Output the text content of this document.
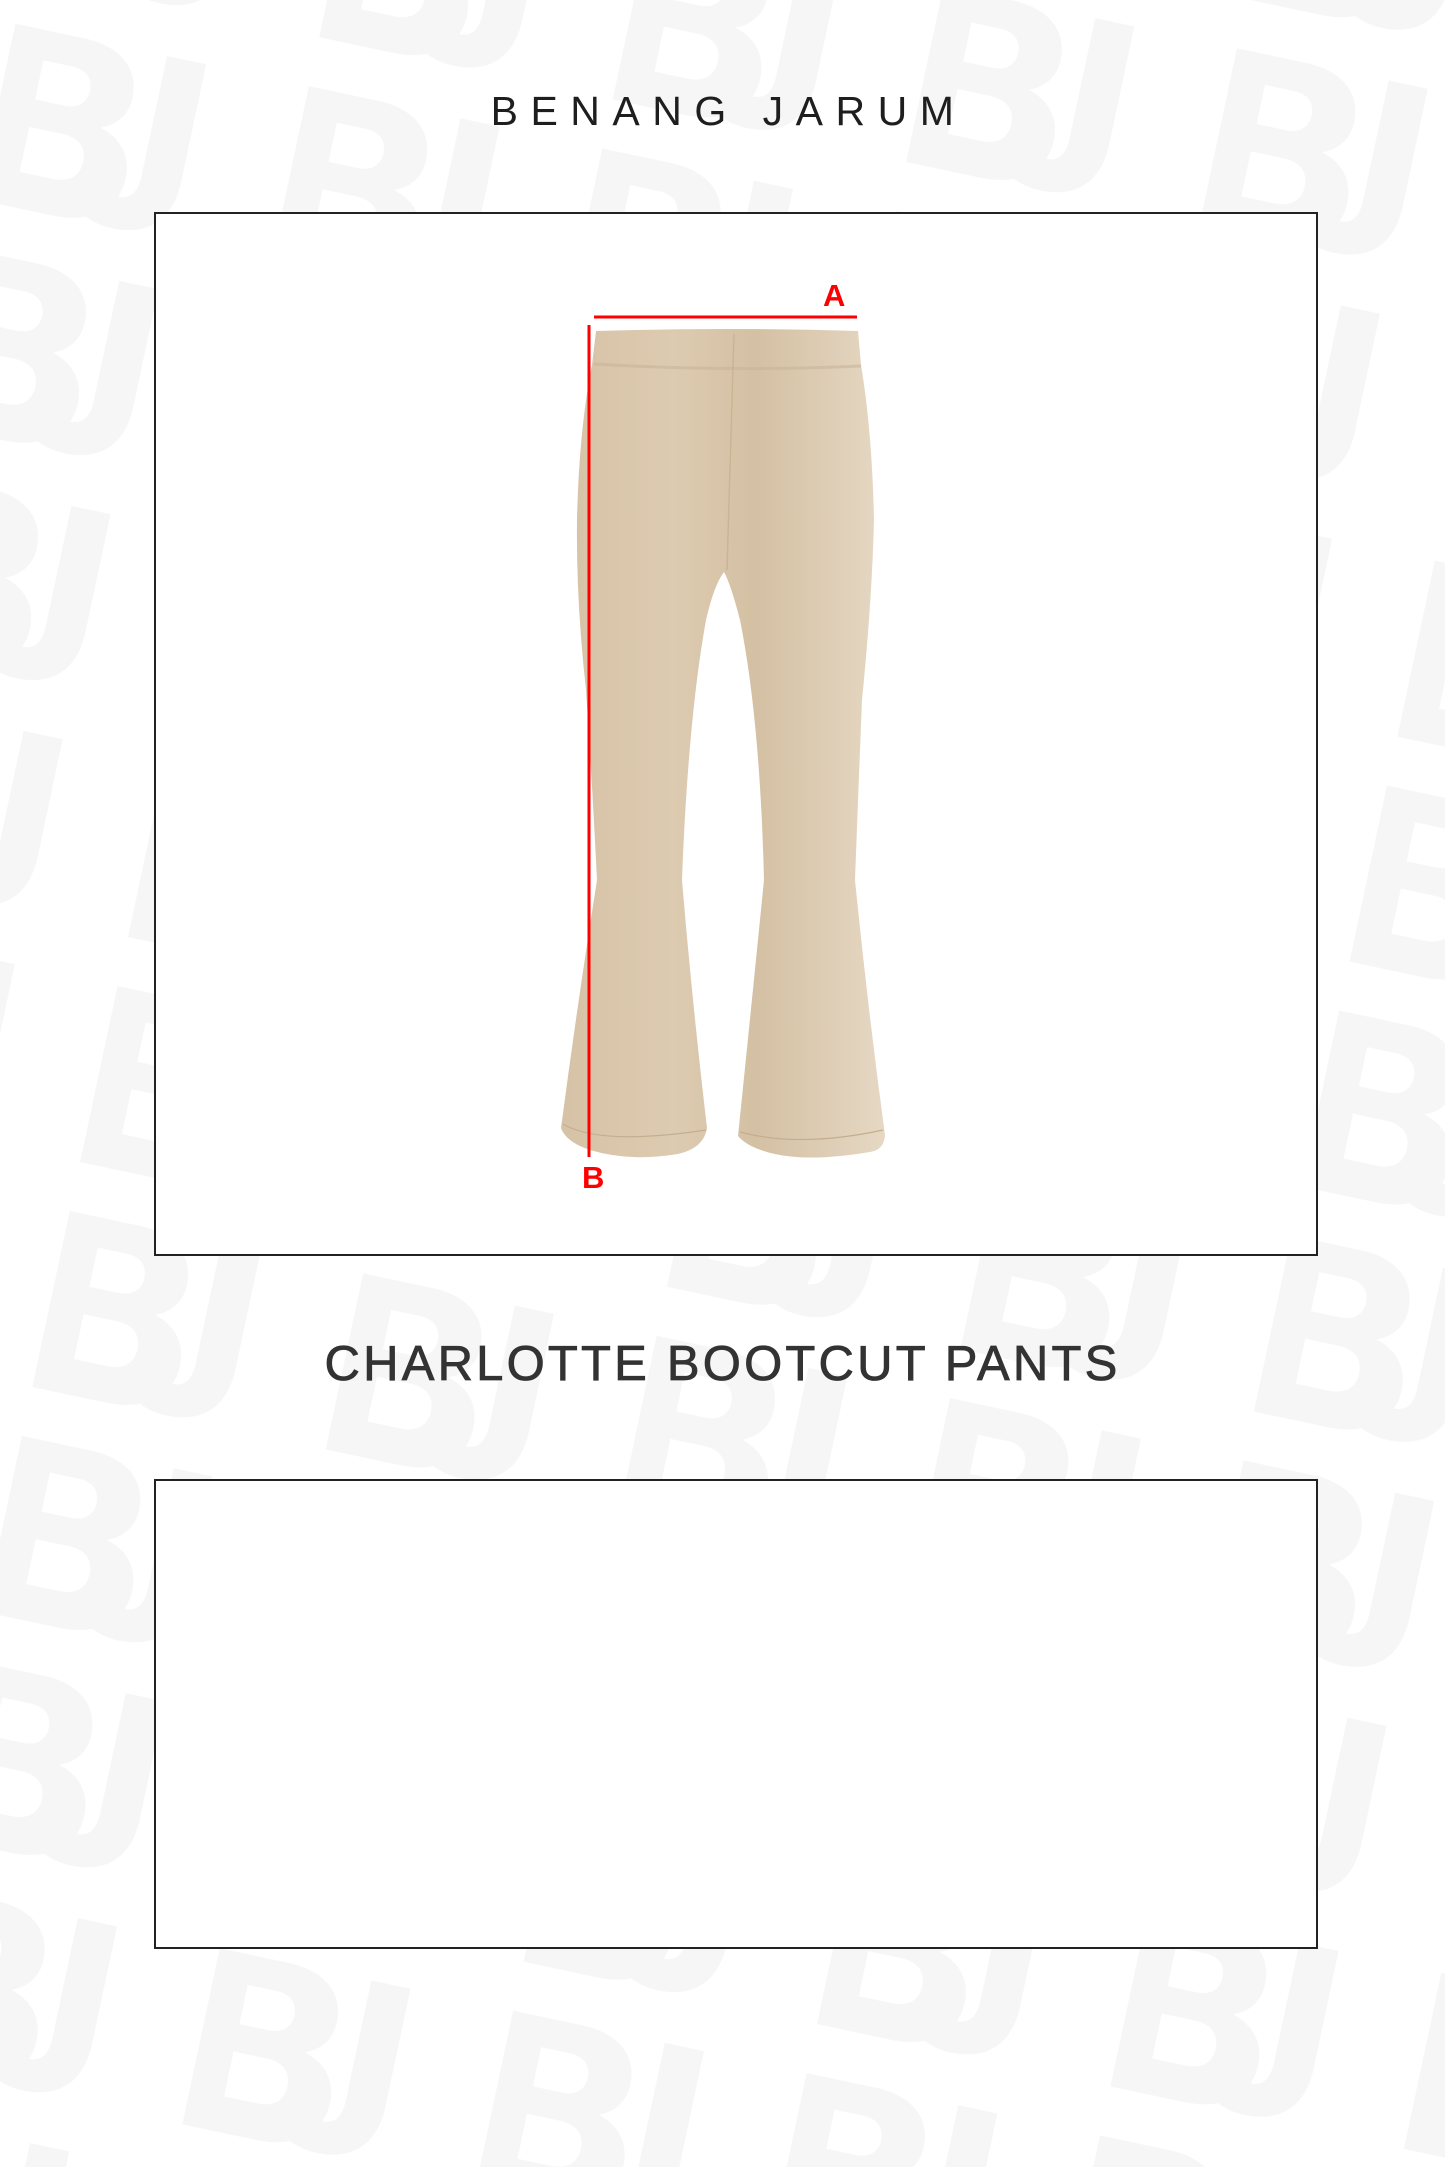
BENANG JARUM
A
B
CHARLOTTE BOOTCUT PANTS
